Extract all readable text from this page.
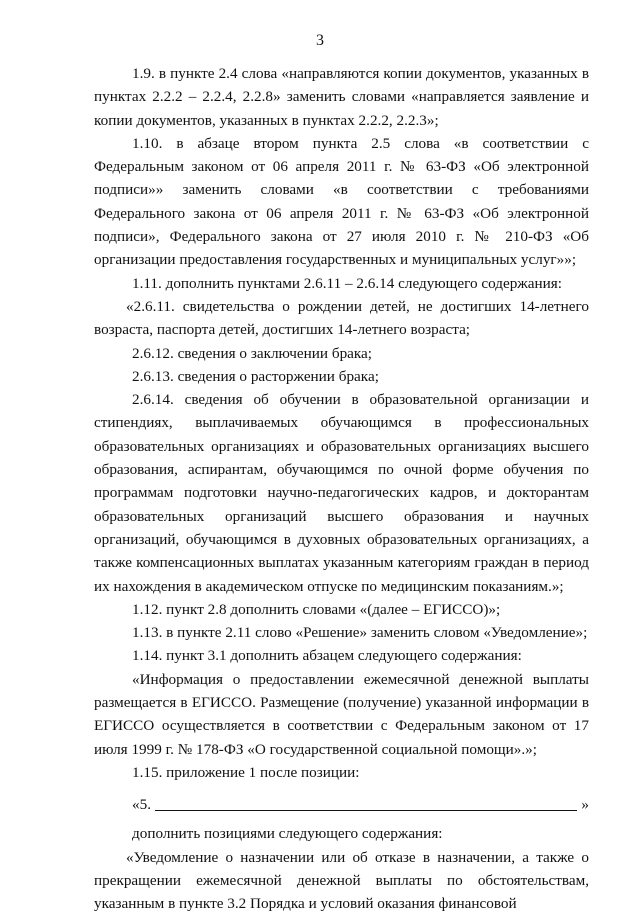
3

1.9. в пункте 2.4 слова «направляются копии документов, указанных в пунктах 2.2.2 – 2.2.4, 2.2.8» заменить словами «направляется заявление и копии документов, указанных в пунктах 2.2.2, 2.2.3»;

1.10. в абзаце втором пункта 2.5 слова «в соответствии с Федеральным законом от 06 апреля 2011 г. № 63-ФЗ «Об электронной подписи»» заменить словами «в соответствии с требованиями Федерального закона от 06 апреля 2011 г. № 63-ФЗ «Об электронной подписи», Федерального закона от 27 июля 2010 г. № 210-ФЗ «Об организации предоставления государственных и муниципальных услуг»»;

1.11. дополнить пунктами 2.6.11 – 2.6.14 следующего содержания:

«2.6.11. свидетельства о рождении детей, не достигших 14-летнего возраста, паспорта детей, достигших 14-летнего возраста;

2.6.12. сведения о заключении брака;

2.6.13. сведения о расторжении брака;

2.6.14. сведения об обучении в образовательной организации и стипендиях, выплачиваемых обучающимся в профессиональных образовательных организациях и образовательных организациях высшего образования, аспирантам, обучающимся по очной форме обучения по программам подготовки научно-педагогических кадров, и докторантам образовательных организаций высшего образования и научных организаций, обучающимся в духовных образовательных организациях, а также компенсационных выплатах указанным категориям граждан в период их нахождения в академическом отпуске по медицинским показаниям.»;

1.12. пункт 2.8 дополнить словами «(далее – ЕГИССО)»;

1.13. в пункте 2.11 слово «Решение» заменить словом «Уведомление»;

1.14. пункт 3.1 дополнить абзацем следующего содержания:

«Информация о предоставлении ежемесячной денежной выплаты размещается в ЕГИССО. Размещение (получение) указанной информации в ЕГИССО осуществляется в соответствии с Федеральным законом от 17 июля 1999 г. № 178-ФЗ «О государственной социальной помощи».»;

1.15. приложение 1 после позиции:

«5.	»

дополнить позициями следующего содержания:

«Уведомление о назначении или об отказе в назначении, а также о прекращении ежемесячной денежной выплаты по обстоятельствам, указанным в пункте 3.2 Порядка и условий оказания финансовой
